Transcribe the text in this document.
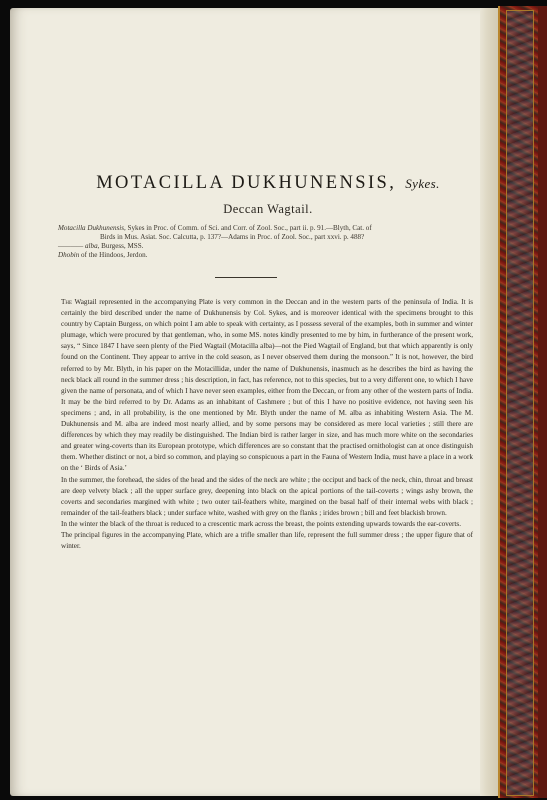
MOTACILLA DUKHUNENSIS, Sykes.
Deccan Wagtail.
Motacilla Dukhunensis, Sykes in Proc. of Comm. of Sci. and Corr. of Zool. Soc., part ii. p. 91.—Blyth, Cat. of
Birds in Mus. Asiat. Soc. Calcutta, p. 137?—Adams in Proc. of Zool. Soc., part xxvi. p. 488?
———— alba, Burgess, MSS.
Dhobin of the Hindoos, Jerdon.

The Wagtail represented in the accompanying Plate is very common in the Deccan and in the western parts of the peninsula of India. It is certainly the bird described under the name of Dukhunensis by Col. Sykes, and is moreover identical with the specimens brought to this country by Captain Burgess, on which point I am able to speak with certainty, as I possess several of the examples, both in summer and winter plumage, which were procured by that gentleman, who, in some MS. notes kindly presented to me by him, in furtherance of the present work, says, “ Since 1847 I have seen plenty of the Pied Wagtail (Motacilla alba)—not the Pied Wagtail of England, but that which apparently is only found on the Continent. They appear to arrive in the cold season, as I never observed them during the monsoon.” It is not, however, the bird referred to by Mr. Blyth, in his paper on the Motacillidæ, under the name of Dukhunensis, inasmuch as he describes the bird as having the neck black all round in the summer dress ; his description, in fact, has reference, not to this species, but to a very different one, to which I have given the name of personata, and of which I have never seen examples, either from the Deccan, or from any other of the western parts of India. It may be the bird referred to by Dr. Adams as an inhabitant of Cashmere ; but of this I have no positive evidence, not having seen his specimens ; and, in all probability, is the one mentioned by Mr. Blyth under the name of M. alba as inhabiting Western Asia. The M. Dukhunensis and M. alba are indeed most nearly allied, and by some persons may be considered as mere local varieties ; still there are differences by which they may readily be distinguished. The Indian bird is rather larger in size, and has much more white on the secondaries and greater wing-coverts than its European prototype, which differences are so constant that the practised ornithologist can at once distinguish them. Whether distinct or not, a bird so common, and playing so conspicuous a part in the Fauna of Western India, must have a place in a work on the ‘ Birds of Asia.’

In the summer, the forehead, the sides of the head and the sides of the neck are white ; the occiput and back of the neck, chin, throat and breast are deep velvety black ; all the upper surface grey, deepening into black on the apical portions of the tail-coverts ; wings ashy brown, the coverts and secondaries margined with white ; two outer tail-feathers white, margined on the basal half of their internal webs with black ; remainder of the tail-feathers black ; under surface white, washed with grey on the flanks ; irides brown ; bill and feet blackish brown.

In the winter the black of the throat is reduced to a crescentic mark across the breast, the points extending upwards towards the ear-coverts.

The principal figures in the accompanying Plate, which are a trifle smaller than life, represent the full summer dress ; the upper figure that of winter.
